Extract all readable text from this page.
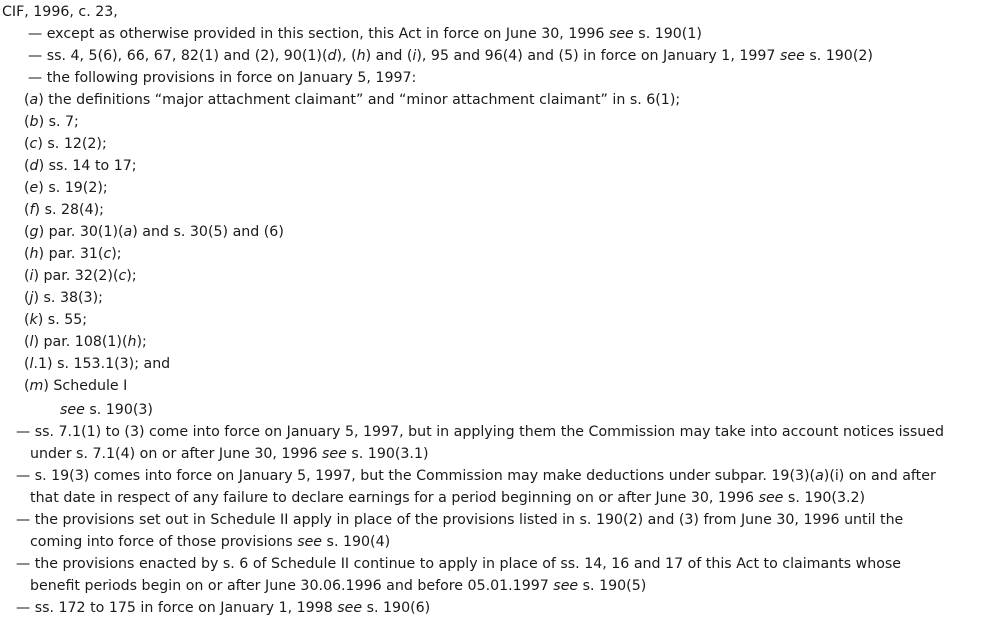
CIF, 1996, c. 23,
— except as otherwise provided in this section, this Act in force on June 30, 1996 see s. 190(1)
— ss. 4, 5(6), 66, 67, 82(1) and (2), 90(1)(d), (h) and (i), 95 and 96(4) and (5) in force on January 1, 1997 see s. 190(2)
— the following provisions in force on January 5, 1997:
(a) the definitions “major attachment claimant” and “minor attachment claimant” in s. 6(1);
(b) s. 7;
(c) s. 12(2);
(d) ss. 14 to 17;
(e) s. 19(2);
(f) s. 28(4);
(g) par. 30(1)(a) and s. 30(5) and (6)
(h) par. 31(c);
(i) par. 32(2)(c);
(j) s. 38(3);
(k) s. 55;
(l) par. 108(1)(h);
(l.1) s. 153.1(3); and
(m) Schedule I
see s. 190(3)
— ss. 7.1(1) to (3) come into force on January 5, 1997, but in applying them the Commission may take into account notices issued
under s. 7.1(4) on or after June 30, 1996 see s. 190(3.1)
— s. 19(3) comes into force on January 5, 1997, but the Commission may make deductions under subpar. 19(3)(a)(i) on and after
that date in respect of any failure to declare earnings for a period beginning on or after June 30, 1996 see s. 190(3.2)
— the provisions set out in Schedule II apply in place of the provisions listed in s. 190(2) and (3) from June 30, 1996 until the
coming into force of those provisions see s. 190(4)
— the provisions enacted by s. 6 of Schedule II continue to apply in place of ss. 14, 16 and 17 of this Act to claimants whose
benefit periods begin on or after June 30.06.1996 and before 05.01.1997 see s. 190(5)
— ss. 172 to 175 in force on January 1, 1998 see s. 190(6)
